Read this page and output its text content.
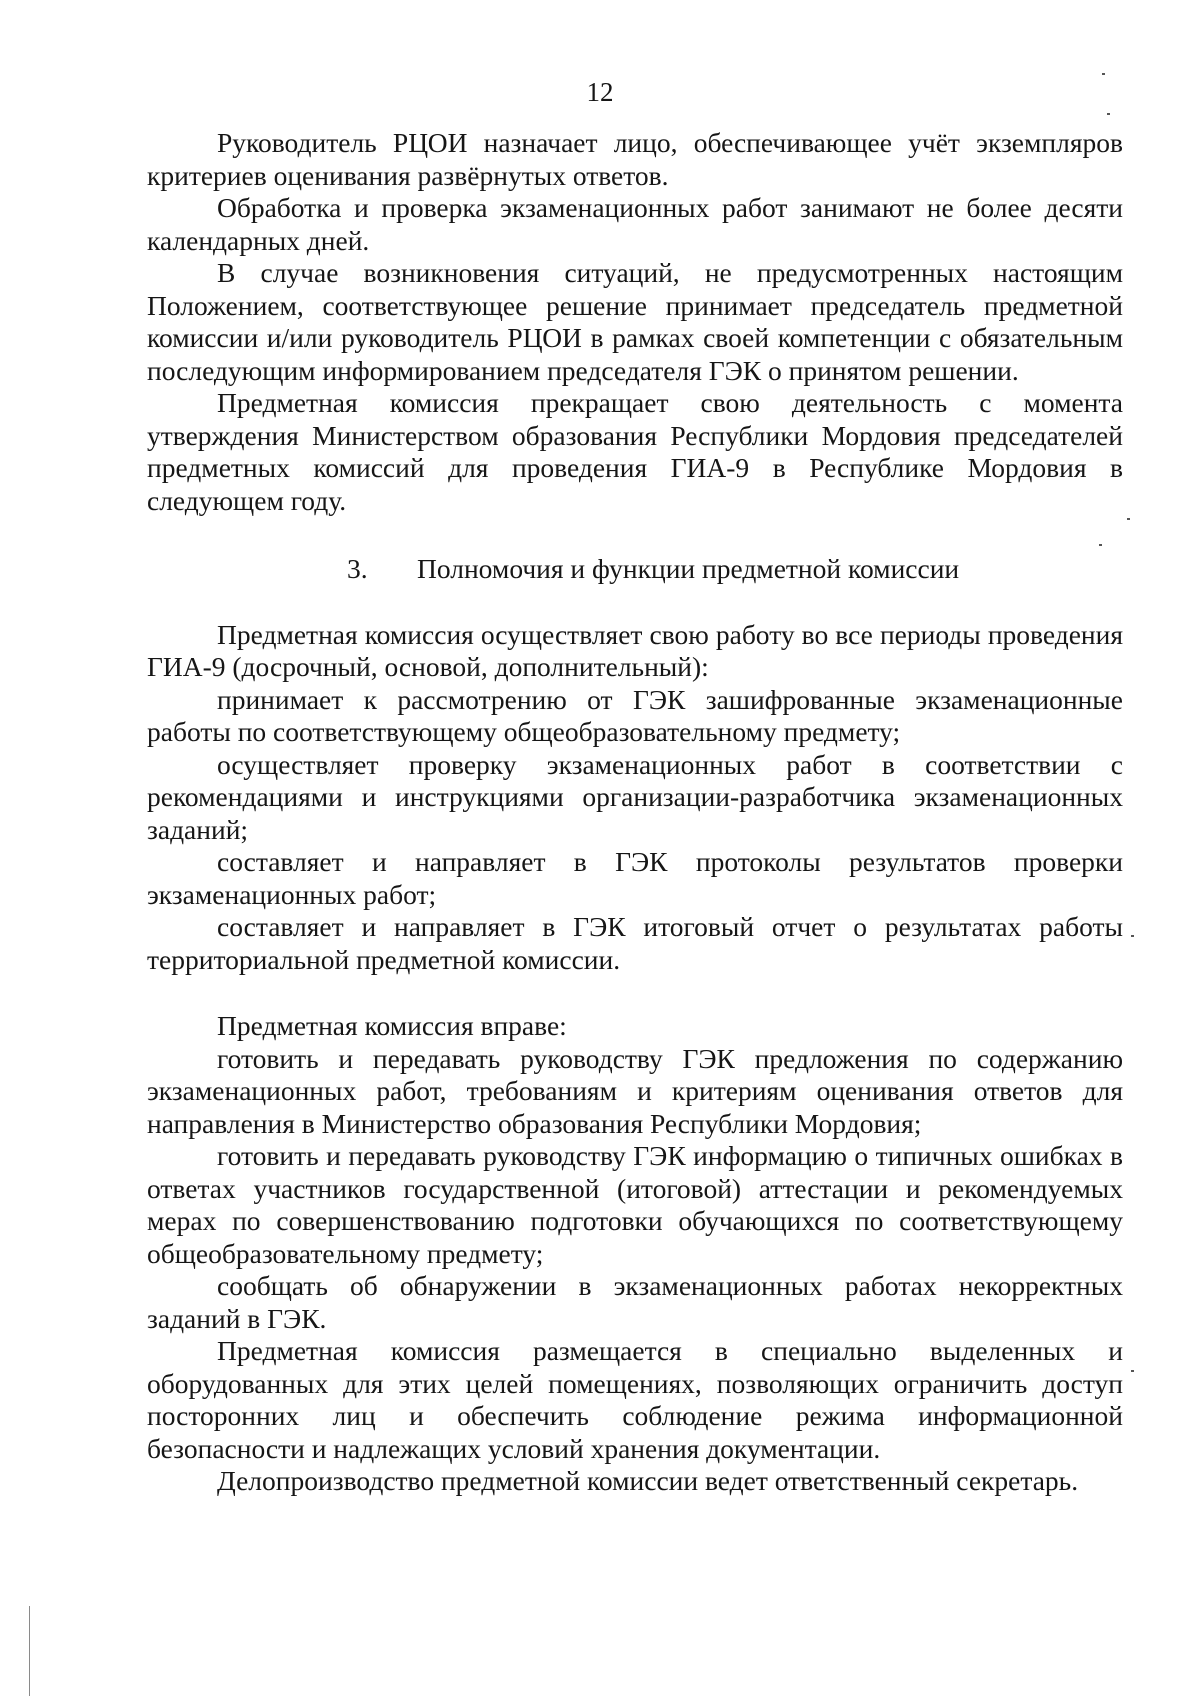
12

Руководитель РЦОИ назначает лицо, обеспечивающее учёт экземпляров критериев оценивания развёрнутых ответов.

Обработка и проверка экзаменационных работ занимают не более десяти календарных дней.

В случае возникновения ситуаций, не предусмотренных настоящим Положением, соответствующее решение принимает председатель предметной комиссии и/или руководитель РЦОИ в рамках своей компетенции с обязательным последующим информированием председателя ГЭК о принятом решении.

Предметная комиссия прекращает свою деятельность с момента утверждения Министерством образования Республики Мордовия председателей предметных комиссий для проведения ГИА-9 в Республике Мордовия в следующем году.

3. Полномочия и функции предметной комиссии

Предметная комиссия осуществляет свою работу во все периоды проведения ГИА-9 (досрочный, основой, дополнительный):

принимает к рассмотрению от ГЭК зашифрованные экзаменационные работы по соответствующему общеобразовательному предмету;

осуществляет проверку экзаменационных работ в соответствии с рекомендациями и инструкциями организации-разработчика экзаменационных заданий;

составляет и направляет в ГЭК протоколы результатов проверки экзаменационных работ;

составляет и направляет в ГЭК итоговый отчет о результатах работы территориальной предметной комиссии.

Предметная комиссия вправе:

готовить и передавать руководству ГЭК предложения по содержанию экзаменационных работ, требованиям и критериям оценивания ответов для направления в Министерство образования Республики Мордовия;

готовить и передавать руководству ГЭК информацию о типичных ошибках в ответах участников государственной (итоговой) аттестации и рекомендуемых мерах по совершенствованию подготовки обучающихся по соответствующему общеобразовательному предмету;

сообщать об обнаружении в экзаменационных работах некорректных заданий в ГЭК.

Предметная комиссия размещается в специально выделенных и оборудованных для этих целей помещениях, позволяющих ограничить доступ посторонних лиц и обеспечить соблюдение режима информационной безопасности и надлежащих условий хранения документации.

Делопроизводство предметной комиссии ведет ответственный секретарь.
